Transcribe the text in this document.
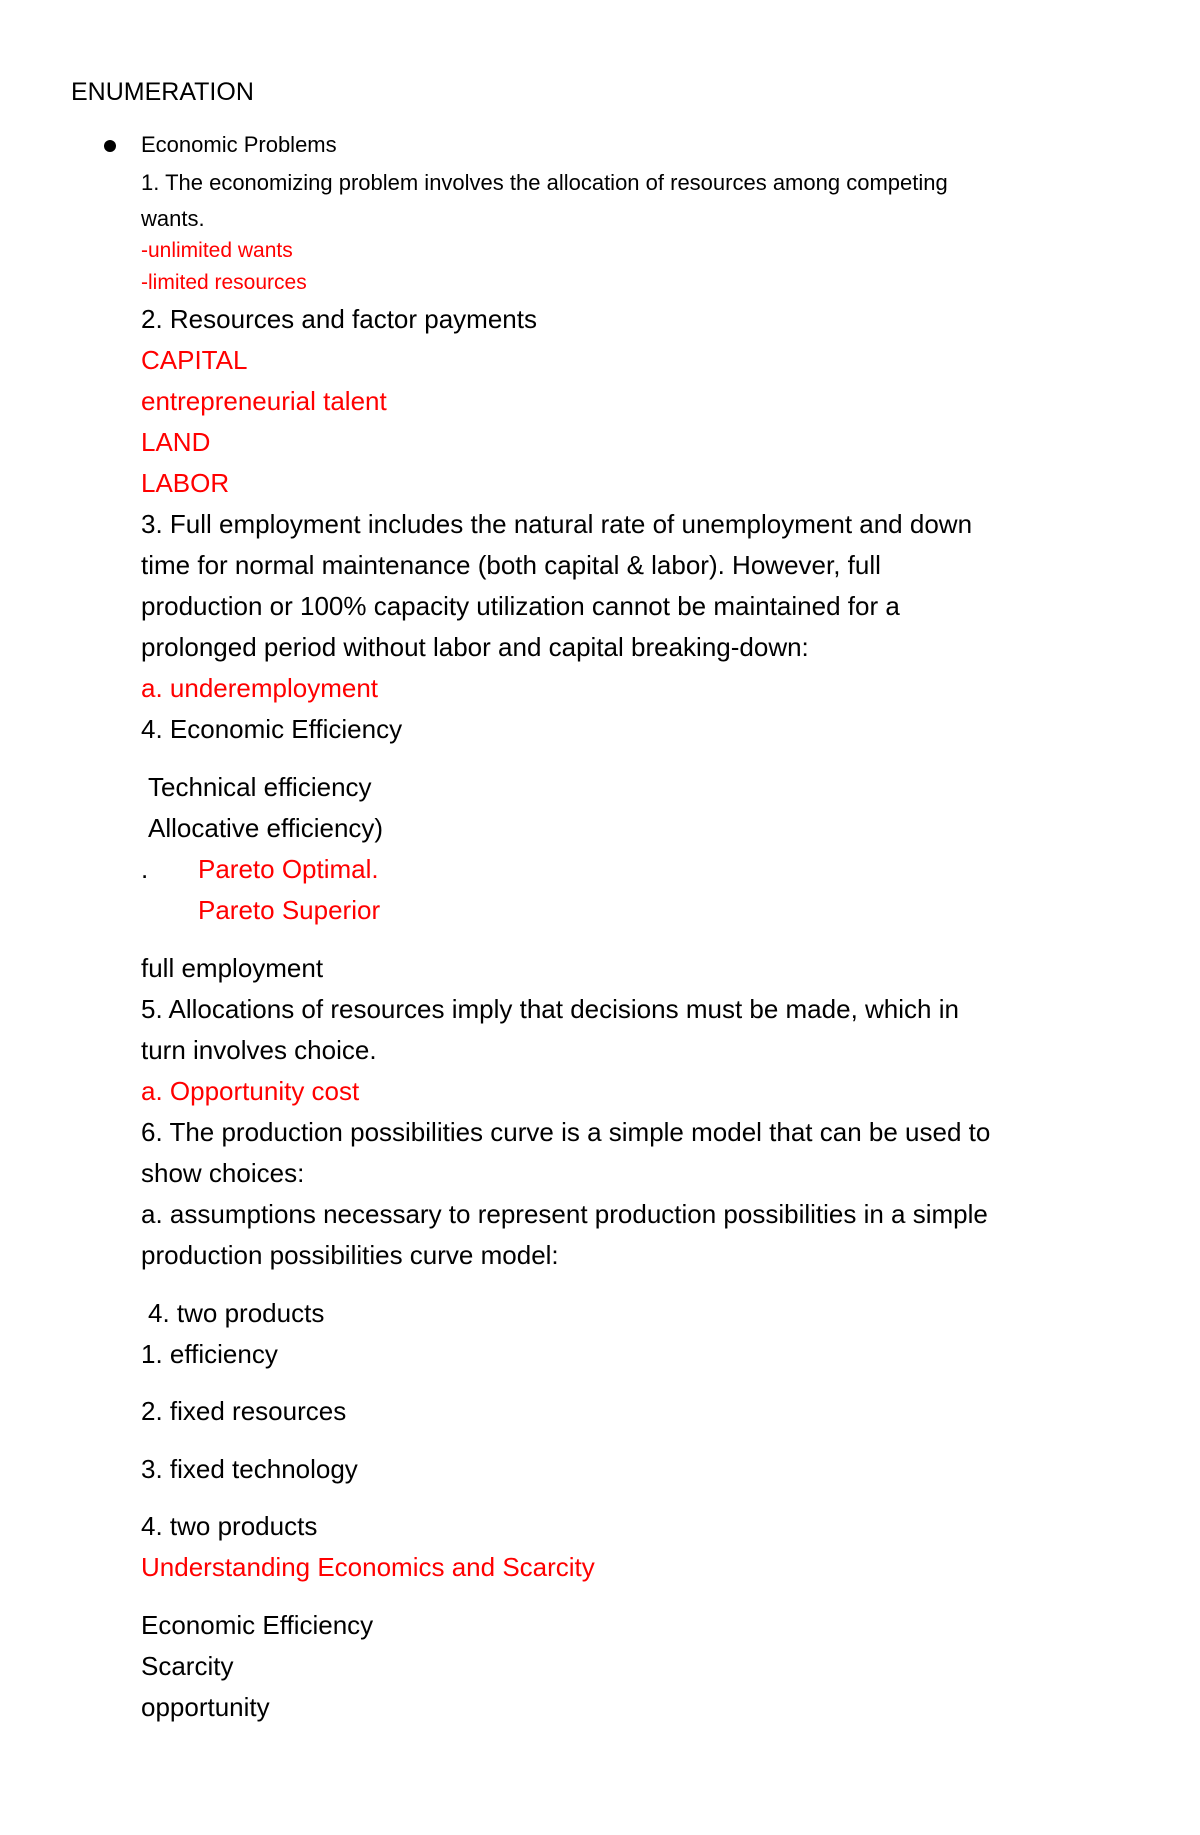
ENUMERATION
Economic Problems
1. The economizing problem involves the allocation of resources among competing
wants.
-unlimited wants
-limited resources
2. Resources and factor payments
CAPITAL
entrepreneurial talent
LAND
LABOR
3. Full employment includes the natural rate of unemployment and down
time for normal maintenance (both capital & labor). However, full
production or 100% capacity utilization cannot be maintained for a
prolonged period without labor and capital breaking-down:
a. underemployment
4. Economic Efficiency
Technical efficiency
Allocative efficiency)
. Pareto Optimal.
Pareto Superior
full employment
5. Allocations of resources imply that decisions must be made, which in
turn involves choice.
a. Opportunity cost
6. The production possibilities curve is a simple model that can be used to
show choices:
a. assumptions necessary to represent production possibilities in a simple
production possibilities curve model:
4. two products
1. efficiency
2. fixed resources
3. fixed technology
4. two products
Understanding Economics and Scarcity
Economic Efficiency
Scarcity
opportunity
